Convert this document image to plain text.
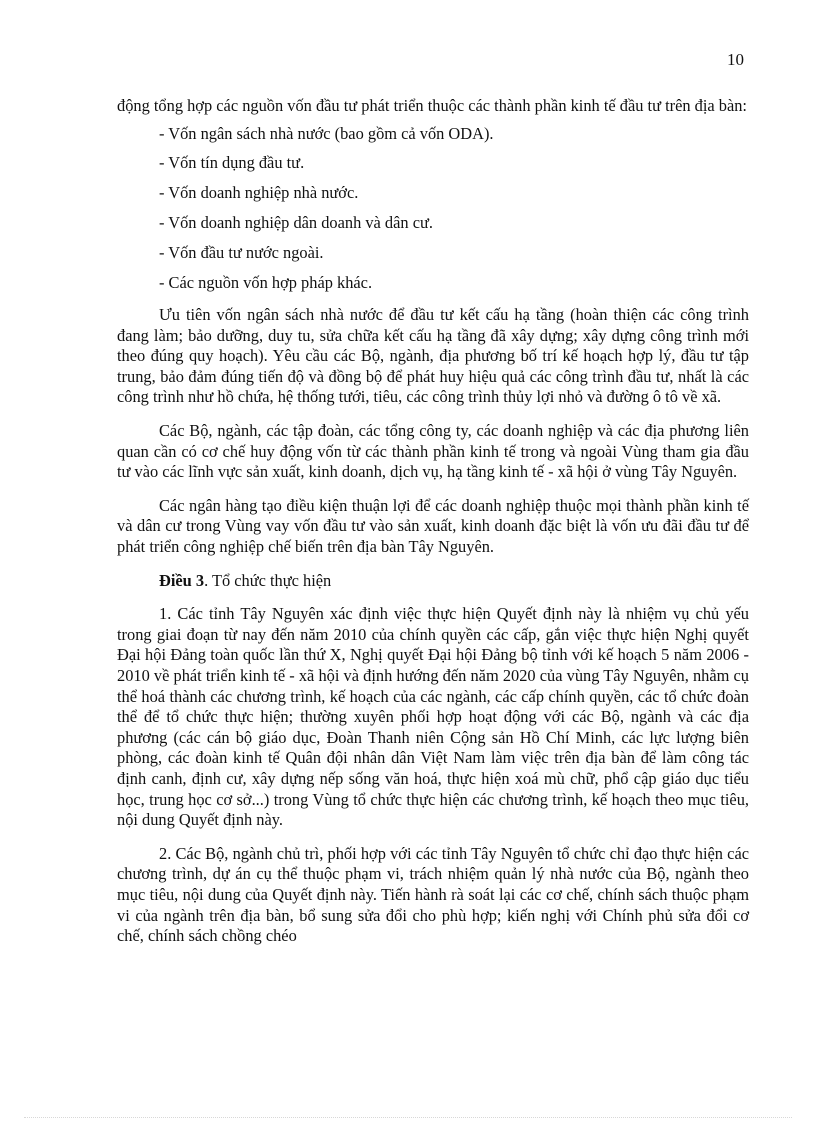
10

động tổng hợp các nguồn vốn đầu tư phát triển thuộc các thành phần kinh tế đầu tư trên địa bàn:

- Vốn ngân sách nhà nước (bao gồm cả vốn ODA).
- Vốn tín dụng đầu tư.
- Vốn doanh nghiệp nhà nước.
- Vốn doanh nghiệp dân doanh và dân cư.
- Vốn đầu tư nước ngoài.
- Các nguồn vốn hợp pháp khác.

Ưu tiên vốn ngân sách nhà nước để đầu tư kết cấu hạ tầng (hoàn thiện các công trình đang làm; bảo dưỡng, duy tu, sửa chữa kết cấu hạ tầng đã xây dựng; xây dựng công trình mới theo đúng quy hoạch). Yêu cầu các Bộ, ngành, địa phương bố trí kế hoạch hợp lý, đầu tư tập trung, bảo đảm đúng tiến độ và đồng bộ để phát huy hiệu quả các công trình đầu tư, nhất là các công trình như hồ chứa, hệ thống tưới, tiêu, các công trình thủy lợi nhỏ và đường ô tô về xã.

Các Bộ, ngành, các tập đoàn, các tổng công ty, các doanh nghiệp và các địa phương liên quan cần có cơ chế huy động vốn từ các thành phần kinh tế trong và ngoài Vùng tham gia đầu tư vào các lĩnh vực sản xuất, kinh doanh, dịch vụ, hạ tầng kinh tế - xã hội ở vùng Tây Nguyên.

Các ngân hàng tạo điều kiện thuận lợi để các doanh nghiệp thuộc mọi thành phần kinh tế và dân cư trong Vùng vay vốn đầu tư vào sản xuất, kinh doanh đặc biệt là vốn ưu đãi đầu tư để phát triển công nghiệp chế biến trên địa bàn Tây Nguyên.

Điều 3. Tổ chức thực hiện

1. Các tỉnh Tây Nguyên xác định việc thực hiện Quyết định này là nhiệm vụ chủ yếu trong giai đoạn từ nay đến năm 2010 của chính quyền các cấp, gắn việc thực hiện Nghị quyết Đại hội Đảng toàn quốc lần thứ X, Nghị quyết Đại hội Đảng bộ tỉnh với kế hoạch 5 năm 2006 - 2010 về phát triển kinh tế - xã hội và định hướng đến năm 2020 của vùng Tây Nguyên, nhằm cụ thể hoá thành các chương trình, kế hoạch của các ngành, các cấp chính quyền, các tổ chức đoàn thể để tổ chức thực hiện; thường xuyên phối hợp hoạt động với các Bộ, ngành và các địa phương (các cán bộ giáo dục, Đoàn Thanh niên Cộng sản Hồ Chí Minh, các lực lượng biên phòng, các đoàn kinh tế Quân đội nhân dân Việt Nam làm việc trên địa bàn để làm công tác định canh, định cư, xây dựng nếp sống văn hoá, thực hiện xoá mù chữ, phổ cập giáo dục tiểu học, trung học cơ sở...) trong Vùng tổ chức thực hiện các chương trình, kế hoạch theo mục tiêu, nội dung Quyết định này.

2. Các Bộ, ngành chủ trì, phối hợp với các tỉnh Tây Nguyên tổ chức chỉ đạo thực hiện các chương trình, dự án cụ thể thuộc phạm vi, trách nhiệm quản lý nhà nước của Bộ, ngành theo mục tiêu, nội dung của Quyết định này. Tiến hành rà soát lại các cơ chế, chính sách thuộc phạm vi của ngành trên địa bàn, bổ sung sửa đổi cho phù hợp; kiến nghị với Chính phủ sửa đổi cơ chế, chính sách chồng chéo
